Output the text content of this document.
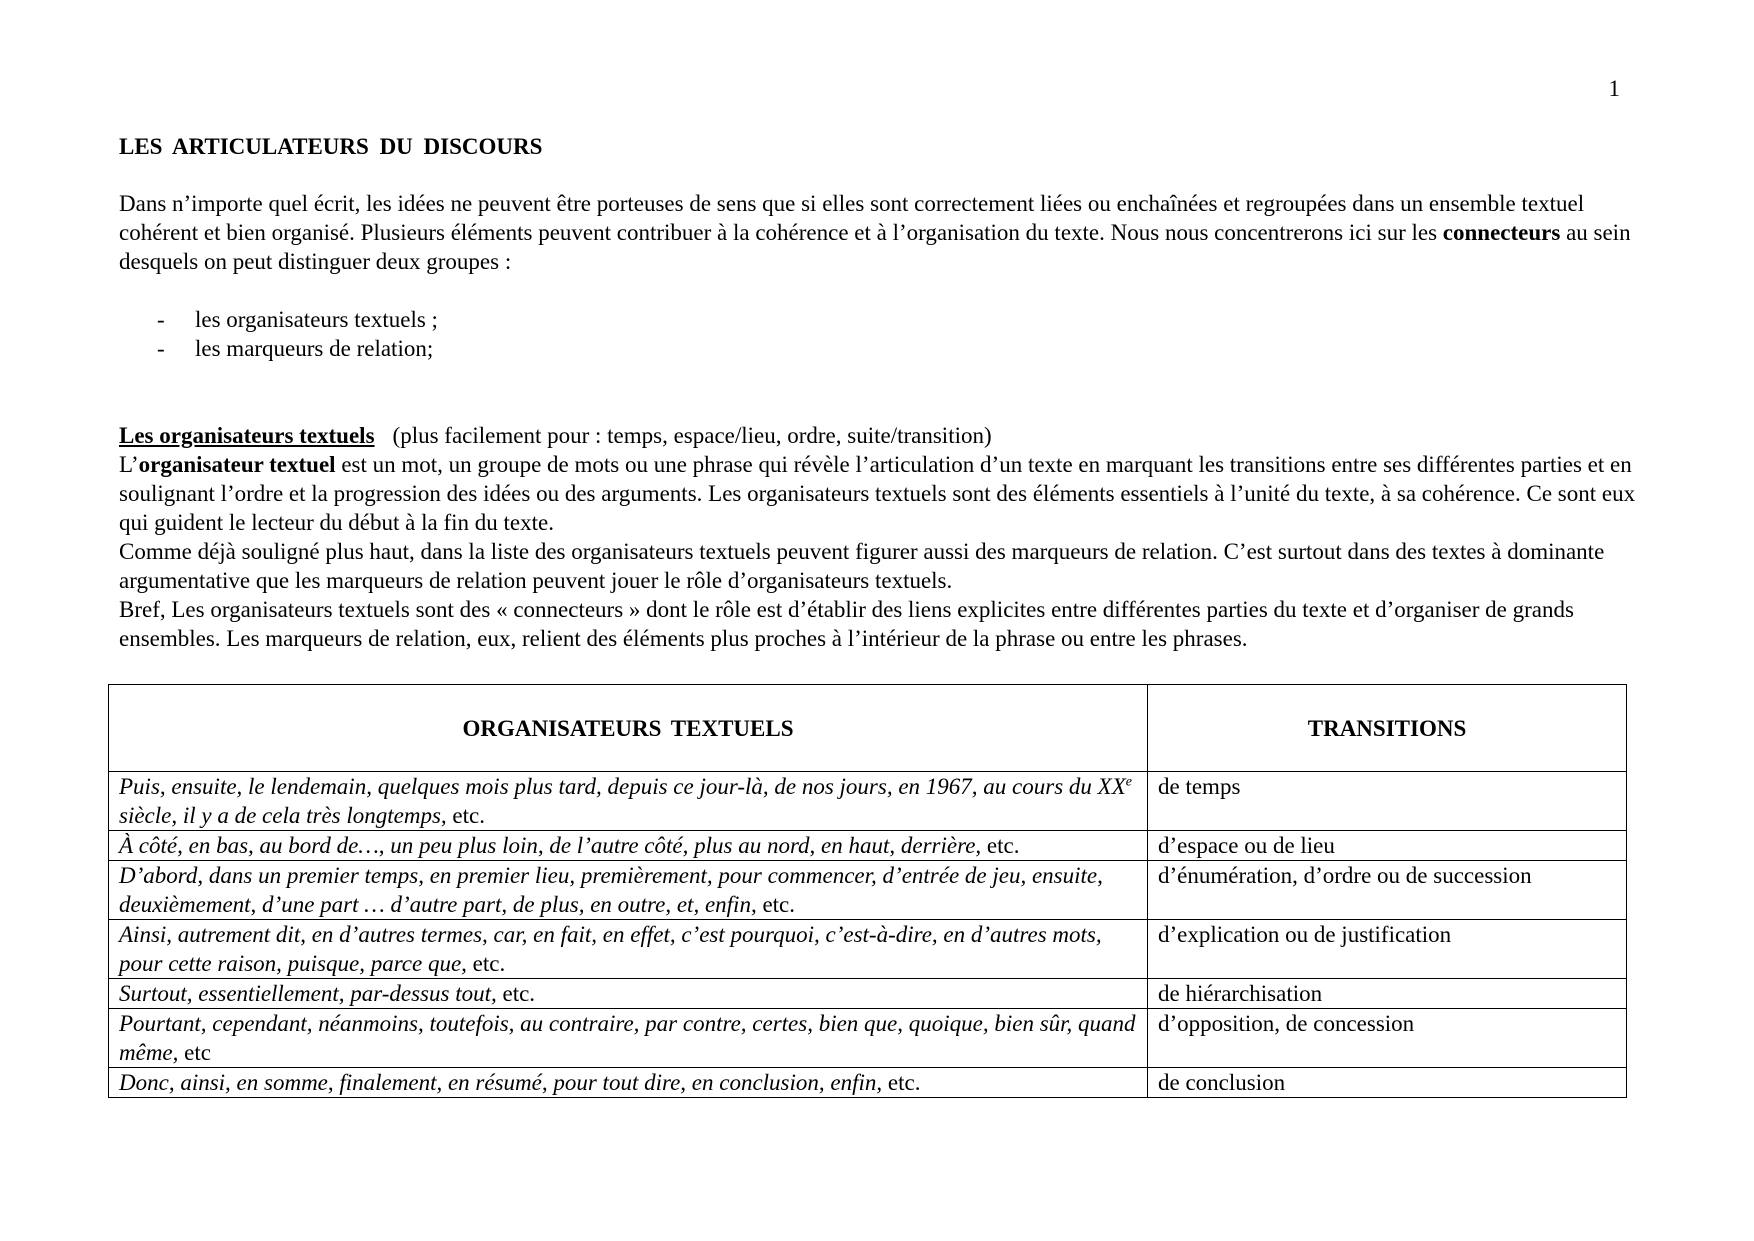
1
LES ARTICULATEURS DU DISCOURS

Dans n’importe quel écrit, les idées ne peuvent être porteuses de sens que si elles sont correctement liées ou enchaînées et regroupées dans un ensemble textuel cohérent et bien organisé. Plusieurs éléments peuvent contribuer à la cohérence et à l’organisation du texte. Nous nous concentrerons ici sur les connecteurs au sein desquels on peut distinguer deux groupes :

-	les organisateurs textuels ;
-	les marqueurs de relation;

Les organisateurs textuels (plus facilement pour : temps, espace/lieu, ordre, suite/transition)

L’organisateur textuel est un mot, un groupe de mots ou une phrase qui révèle l’articulation d’un texte en marquant les transitions entre ses différentes parties et en soulignant l’ordre et la progression des idées ou des arguments. Les organisateurs textuels sont des éléments essentiels à l’unité du texte, à sa cohérence. Ce sont eux qui guident le lecteur du début à la fin du texte.

Comme déjà souligné plus haut, dans la liste des organisateurs textuels peuvent figurer aussi des marqueurs de relation. C’est surtout dans des textes à dominante argumentative que les marqueurs de relation peuvent jouer le rôle d’organisateurs textuels.

Bref, Les organisateurs textuels sont des « connecteurs » dont le rôle est d’établir des liens explicites entre différentes parties du texte et d’organiser de grands ensembles. Les marqueurs de relation, eux, relient des éléments plus proches à l’intérieur de la phrase ou entre les phrases.

ORGANISATEURS TEXTUELS	TRANSITIONS
Puis, ensuite, le lendemain, quelques mois plus tard, depuis ce jour-là, de nos jours, en 1967, au cours du XXe siècle, il y a de cela très longtemps, etc.	de temps
À côté, en bas, au bord de…, un peu plus loin, de l’autre côté, plus au nord, en haut, derrière, etc.	d’espace ou de lieu
D’abord, dans un premier temps, en premier lieu, premièrement, pour commencer, d’entrée de jeu, ensuite, deuxièmement, d’une part … d’autre part, de plus, en outre, et, enfin, etc.	d’énumération, d’ordre ou de succession
Ainsi, autrement dit, en d’autres termes, car, en fait, en effet, c’est pourquoi, c’est-à-dire, en d’autres mots, pour cette raison, puisque, parce que, etc.	d’explication ou de justification
Surtout, essentiellement, par-dessus tout, etc.	de hiérarchisation
Pourtant, cependant, néanmoins, toutefois, au contraire, par contre, certes, bien que, quoique, bien sûr, quand même, etc	d’opposition, de concession
Donc, ainsi, en somme, finalement, en résumé, pour tout dire, en conclusion, enfin, etc.	de conclusion
